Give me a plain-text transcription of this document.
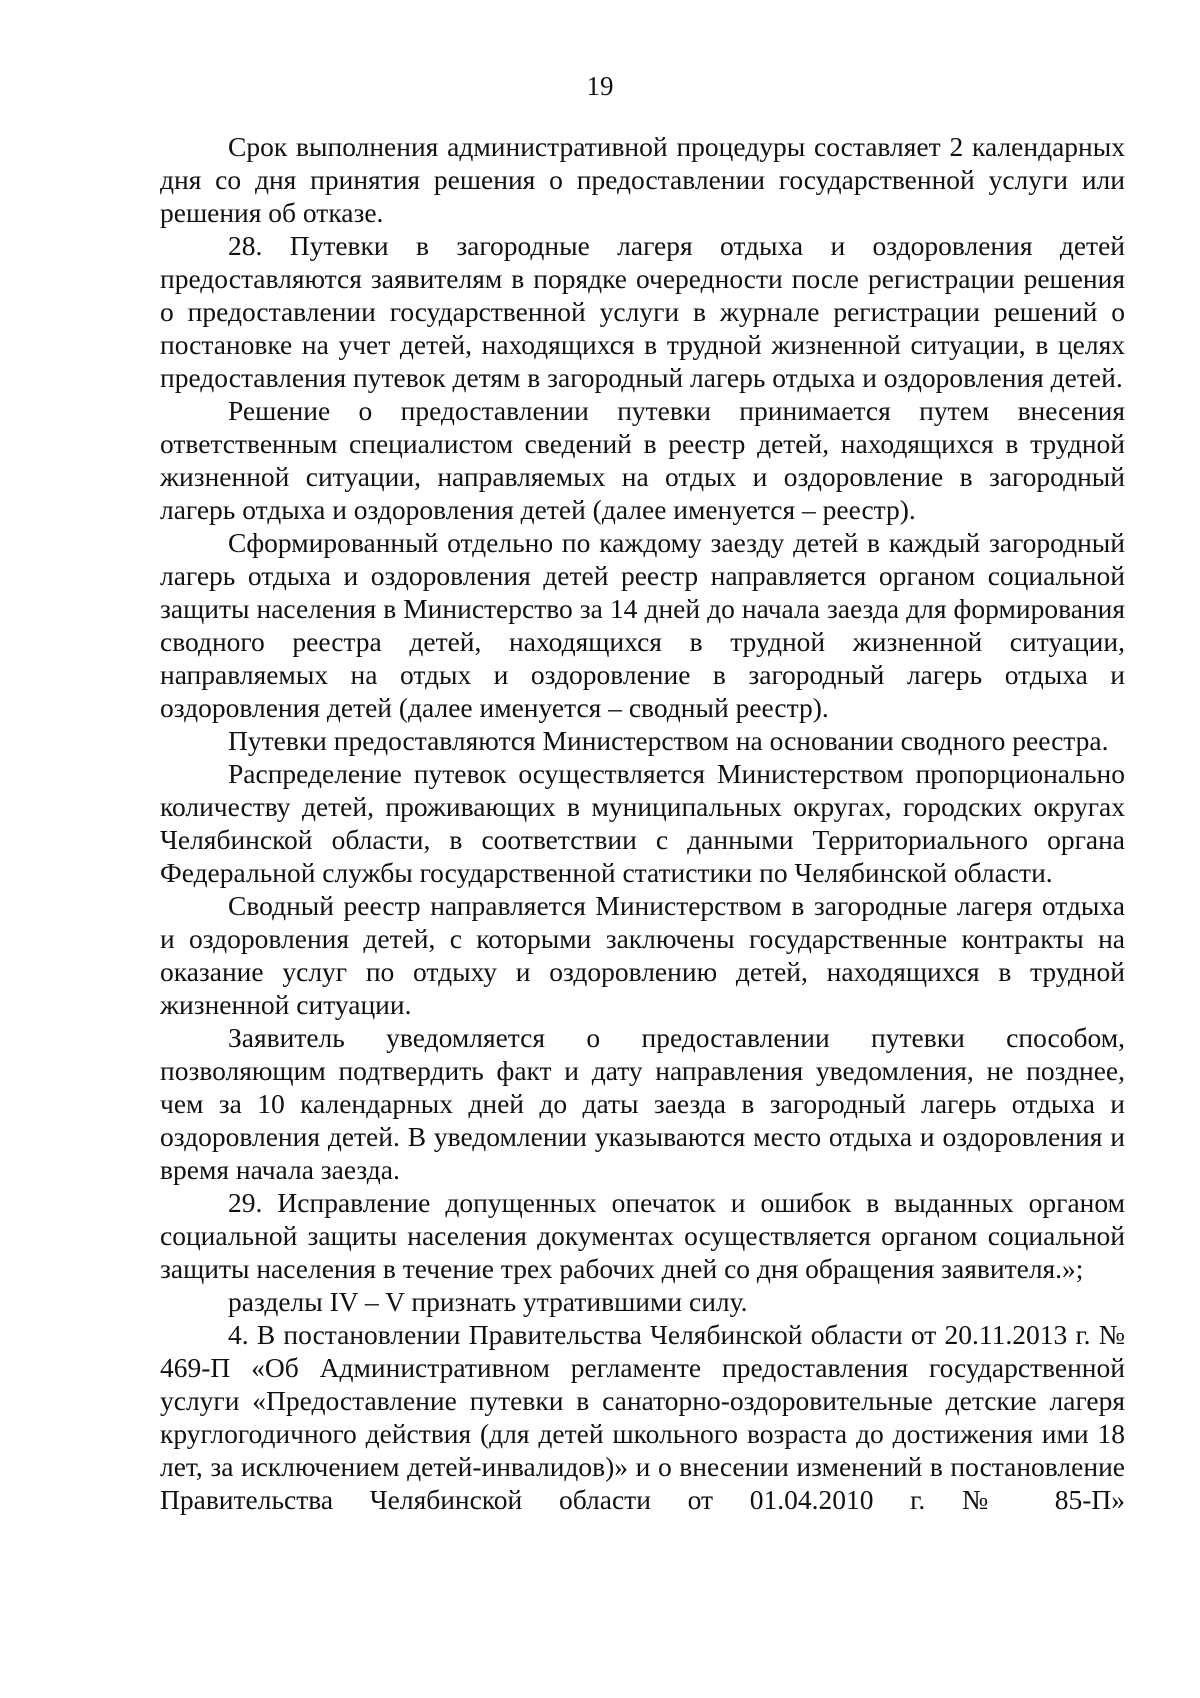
19

Срок выполнения административной процедуры составляет 2 календарных дня со дня принятия решения о предоставлении государственной услуги или решения об отказе.

28. Путевки в загородные лагеря отдыха и оздоровления детей предоставляются заявителям в порядке очередности после регистрации решения о предоставлении государственной услуги в журнале регистрации решений о постановке на учет детей, находящихся в трудной жизненной ситуации, в целях предоставления путевок детям в загородный лагерь отдыха и оздоровления детей.

Решение о предоставлении путевки принимается путем внесения ответственным специалистом сведений в реестр детей, находящихся в трудной жизненной ситуации, направляемых на отдых и оздоровление в загородный лагерь отдыха и оздоровления детей (далее именуется – реестр).

Сформированный отдельно по каждому заезду детей в каждый загородный лагерь отдыха и оздоровления детей реестр направляется органом социальной защиты населения в Министерство за 14 дней до начала заезда для формирования сводного реестра детей, находящихся в трудной жизненной ситуации, направляемых на отдых и оздоровление в загородный лагерь отдыха и оздоровления детей (далее именуется – сводный реестр).

Путевки предоставляются Министерством на основании сводного реестра.

Распределение путевок осуществляется Министерством пропорционально количеству детей, проживающих в муниципальных округах, городских округах Челябинской области, в соответствии с данными Территориального органа Федеральной службы государственной статистики по Челябинской области.

Сводный реестр направляется Министерством в загородные лагеря отдыха и оздоровления детей, с которыми заключены государственные контракты на оказание услуг по отдыху и оздоровлению детей, находящихся в трудной жизненной ситуации.

Заявитель уведомляется о предоставлении путевки способом, позволяющим подтвердить факт и дату направления уведомления, не позднее, чем за 10 календарных дней до даты заезда в загородный лагерь отдыха и оздоровления детей. В уведомлении указываются место отдыха и оздоровления и время начала заезда.

29. Исправление допущенных опечаток и ошибок в выданных органом социальной защиты населения документах осуществляется органом социальной защиты населения в течение трех рабочих дней со дня обращения заявителя.»;

разделы IV – V признать утратившими силу.

4. В постановлении Правительства Челябинской области от 20.11.2013 г. № 469-П «Об Административном регламенте предоставления государственной услуги «Предоставление путевки в санаторно-оздоровительные детские лагеря круглогодичного действия (для детей школьного возраста до достижения ими 18 лет, за исключением детей-инвалидов)» и о внесении изменений в постановление Правительства Челябинской области от 01.04.2010 г. № 85-П»
